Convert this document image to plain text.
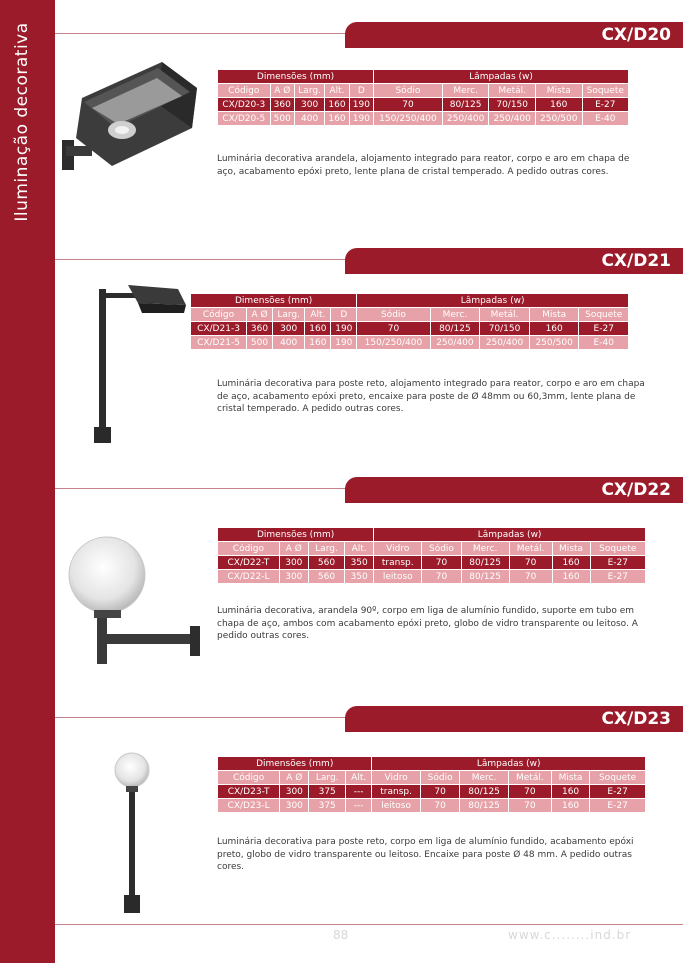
Iluminação decorativa	CX/D20
Dimensões (mm)					Lâmpadas (w)				
Código	A Ø	Larg.	Alt.	D	Sódio	Merc.	Metál.	Mista	Soquete
CX/D20-3	360	300	160	190	70	80/125	70/150	160	E-27
CX/D20-5	500	400	160	190	150/250/400	250/400	250/400	250/500	E-40
Luminária decorativa arandela, alojamento integrado para reator, corpo e aro em chapa de aço, acabamento epóxi preto, lente plana de cristal temperado. A pedido outras cores.
CX/D21
Dimensões (mm)					Lâmpadas (w)				
Código	A Ø	Larg.	Alt.	D	Sódio	Merc.	Metál.	Mista	Soquete
CX/D21-3	360	300	160	190	70	80/125	70/150	160	E-27
CX/D21-5	500	400	160	190	150/250/400	250/400	250/400	250/500	E-40
Luminária decorativa para poste reto, alojamento integrado para reator, corpo e aro em chapa de aço, acabamento epóxi preto, encaixe para poste de Ø 48mm ou 60,3mm, lente plana de cristal temperado. A pedido outras cores.
CX/D22
Dimensões (mm)				Lâmpadas (w)					
Código	A Ø	Larg.	Alt.	Vidro	Sódio	Merc.	Metál.	Mista	Soquete
CX/D22-T	300	560	350	transp.	70	80/125	70	160	E-27
CX/D22-L	300	560	350	leitoso	70	80/125	70	160	E-27
Luminária decorativa, arandela 90º, corpo em liga de alumínio fundido, suporte em tubo em chapa de aço, ambos com acabamento epóxi preto, globo de vidro transparente ou leitoso. A pedido outras cores.
CX/D23
Dimensões (mm)				Lâmpadas (w)					
Código	A Ø	Larg.	Alt.	Vidro	Sódio	Merc.	Metál.	Mista	Soquete
CX/D23-T	300	375	---	transp.	70	80/125	70	160	E-27
CX/D23-L	300	375	---	leitoso	70	80/125	70	160	E-27
Luminária decorativa para poste reto, corpo em liga de alumínio fundido, acabamento epóxi preto, globo de vidro transparente ou leitoso. Encaixe para poste Ø 48 mm. A pedido outras cores.
88	www.c........ind.br
